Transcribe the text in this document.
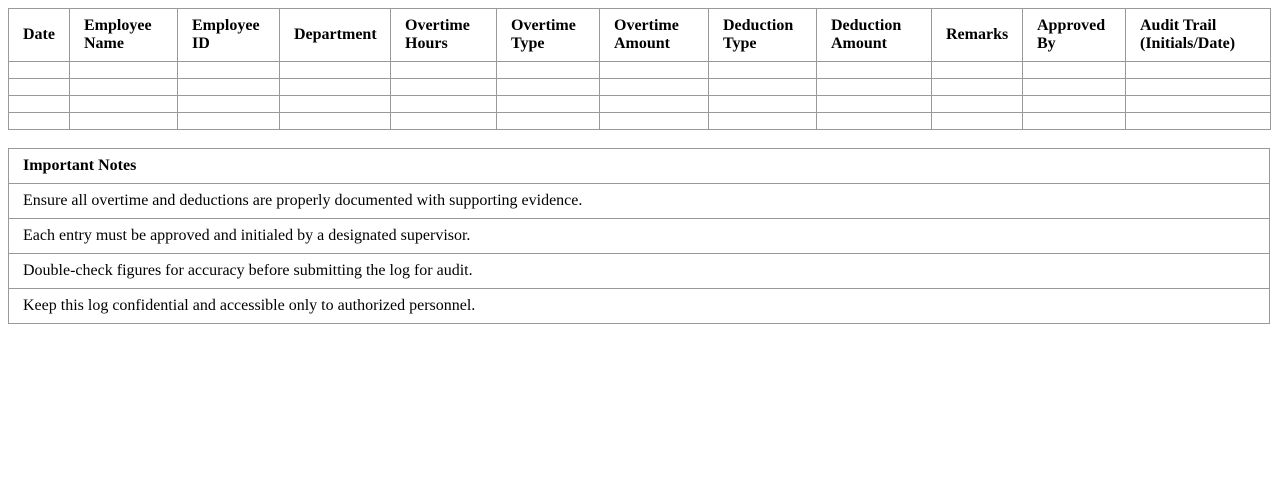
Date	Employee Name	Employee ID	Department	Overtime Hours	Overtime Type	Overtime Amount	Deduction Type	Deduction Amount	Remarks	Approved By	Audit Trail (Initials/Date)

Important Notes
Ensure all overtime and deductions are properly documented with supporting evidence.
Each entry must be approved and initialed by a designated supervisor.
Double-check figures for accuracy before submitting the log for audit.
Keep this log confidential and accessible only to authorized personnel.
